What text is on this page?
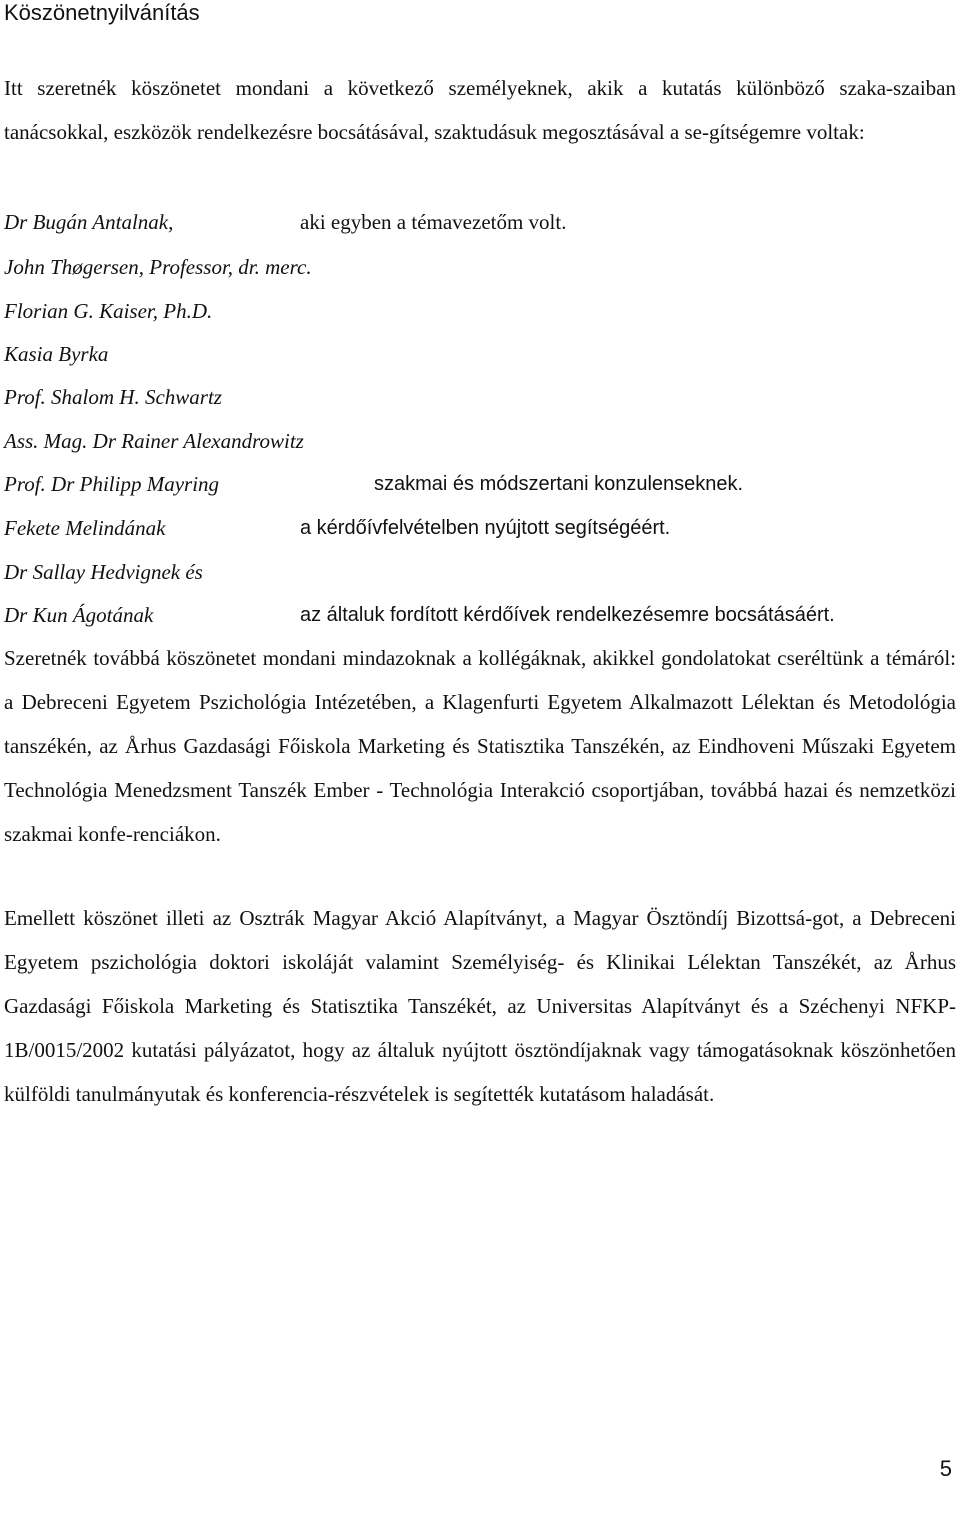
Köszönetnyilvánítás
Itt szeretnék köszönetet mondani a következő személyeknek, akik a kutatás különböző szaka-szaiban tanácsokkal, eszközök rendelkezésre bocsátásával, szaktudásuk megosztásával a se-gítségemre voltak:
Dr Bugán Antalnak,	aki egyben a témavezetőm volt.
John Thøgersen, Professor, dr. merc.
Florian G. Kaiser, Ph.D.
Kasia Byrka
Prof. Shalom H. Schwartz
Ass. Mag. Dr Rainer Alexandrowitz
Prof. Dr Philipp Mayring	szakmai és módszertani konzulenseknek.
Fekete Melindának	a kérdőívfelvételben nyújtott segítségéért.
Dr Sallay Hedvignek és
Dr Kun Ágotának	az általuk fordított kérdőívek rendelkezésemre bocsátásáért.
Szeretnék továbbá köszönetet mondani mindazoknak a kollégáknak, akikkel gondolatokat cseréltünk a témáról: a Debreceni Egyetem Pszichológia Intézetében, a Klagenfurti Egyetem Alkalmazott Lélektan és Metodológia tanszékén, az Århus Gazdasági Főiskola Marketing és Statisztika Tanszékén, az Eindhoveni Műszaki Egyetem Technológia Menedzsment Tanszék Ember - Technológia Interakció csoportjában, továbbá hazai és nemzetközi szakmai konfe-renciákon.
Emellett köszönet illeti az Osztrák Magyar Akció Alapítványt, a Magyar Ösztöndíj Bizottsá-got, a Debreceni Egyetem pszichológia doktori iskoláját valamint Személyiség- és Klinikai Lélektan Tanszékét, az Århus Gazdasági Főiskola Marketing és Statisztika Tanszékét, az Universitas Alapítványt és a Széchenyi NFKP-1B/0015/2002 kutatási pályázatot, hogy az általuk nyújtott ösztöndíjaknak vagy támogatásoknak köszönhetően külföldi tanulmányutak és konferencia-részvételek is segítették kutatásom haladását.
5
